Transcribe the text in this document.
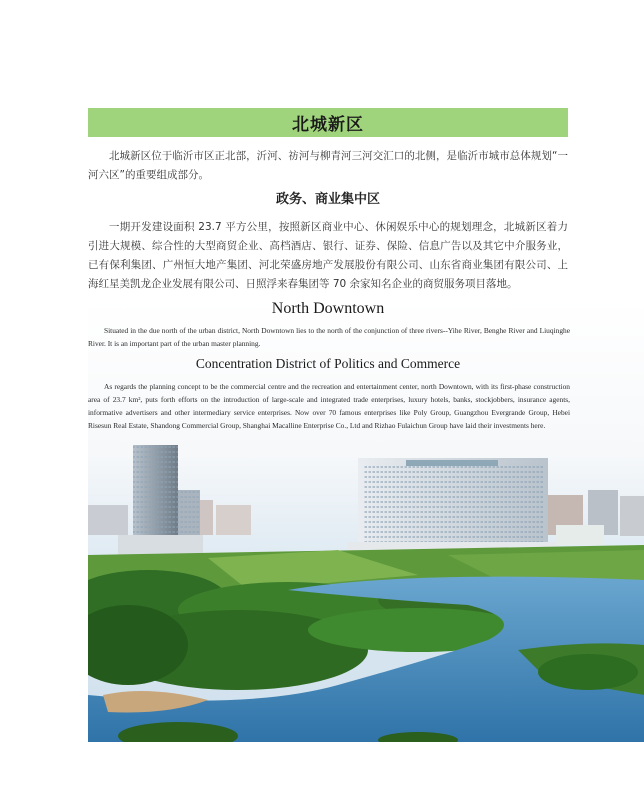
北城新区

北城新区位于临沂市区正北部，沂河、祊河与柳青河三河交汇口的北侧，是临沂市城市总体规划“一河六区”的重要组成部分。

政务、商业集中区

一期开发建设面积 23.7 平方公里，按照新区商业中心、休闲娱乐中心的规划理念，北城新区着力引进大规模、综合性的大型商贸企业、高档酒店、银行、证券、保险、信息广告以及其它中介服务业，已有保利集团、广州恒大地产集团、河北荣盛房地产发展股份有限公司、山东省商业集团有限公司、上海红星美凯龙企业发展有限公司、日照浮来春集团等 70 余家知名企业的商贸服务项目落地。

North Downtown

Situated in the due north of the urban district, North Downtown lies to the north of the conjunction of three rivers--Yihe River, Benghe River and Liuqinghe River. It is an important part of the urban master planning.

Concentration District of Politics and Commerce

As regards the planning concept to be the commercial centre and the recreation and entertainment center, north Downtown, with its first-phase construction area of 23.7 km², puts forth efforts on the introduction of large-scale and integrated trade enterprises, luxury hotels, banks, stockjobbers, insurance agents, informative advertisers and other intermediary service enterprises. Now over 70 famous enterprises like Poly Group, Guangzhou Evergrande Group, Hebei Risesun Real Estate, Shandong Commercial Group, Shanghai Macalline Enterprise Co., Ltd and Rizhao Fulaichun Group have laid their investments here.
